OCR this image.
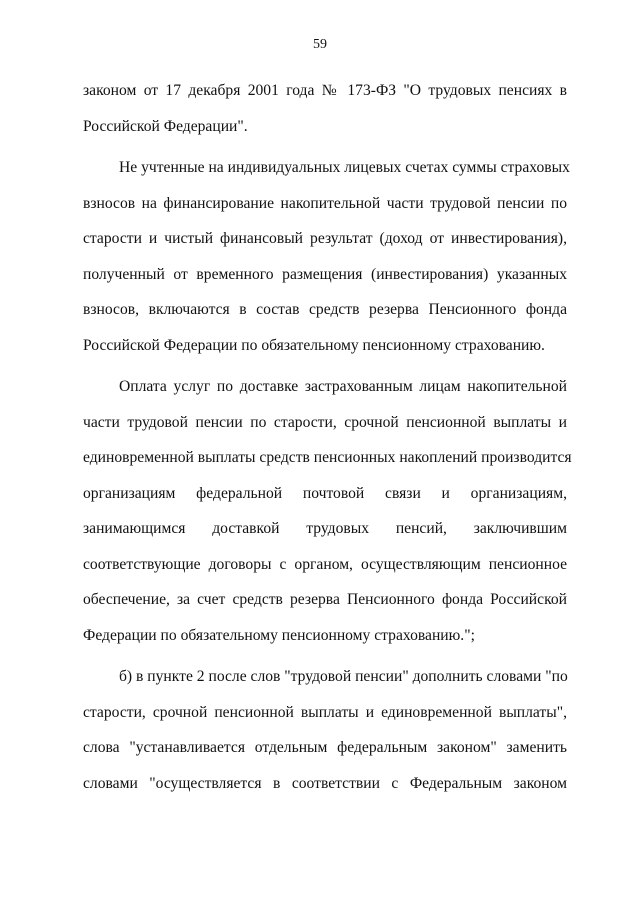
59
законом от 17 декабря 2001 года № 173-ФЗ "О трудовых пенсиях в
Российской Федерации".
Не учтенные на индивидуальных лицевых счетах суммы страховых
взносов на финансирование накопительной части трудовой пенсии по
старости и чистый финансовый результат (доход от инвестирования),
полученный от временного размещения (инвестирования) указанных
взносов, включаются в состав средств резерва Пенсионного фонда
Российской Федерации по обязательному пенсионному страхованию.
Оплата услуг по доставке застрахованным лицам накопительной
части трудовой пенсии по старости, срочной пенсионной выплаты и
единовременной выплаты средств пенсионных накоплений производится
организациям федеральной почтовой связи и организациям,
занимающимся доставкой трудовых пенсий, заключившим
соответствующие договоры с органом, осуществляющим пенсионное
обеспечение, за счет средств резерва Пенсионного фонда Российской
Федерации по обязательному пенсионному страхованию.";
б) в пункте 2 после слов "трудовой пенсии" дополнить словами "по
старости, срочной пенсионной выплаты и единовременной выплаты",
слова "устанавливается отдельным федеральным законом" заменить
словами "осуществляется в соответствии с Федеральным законом
